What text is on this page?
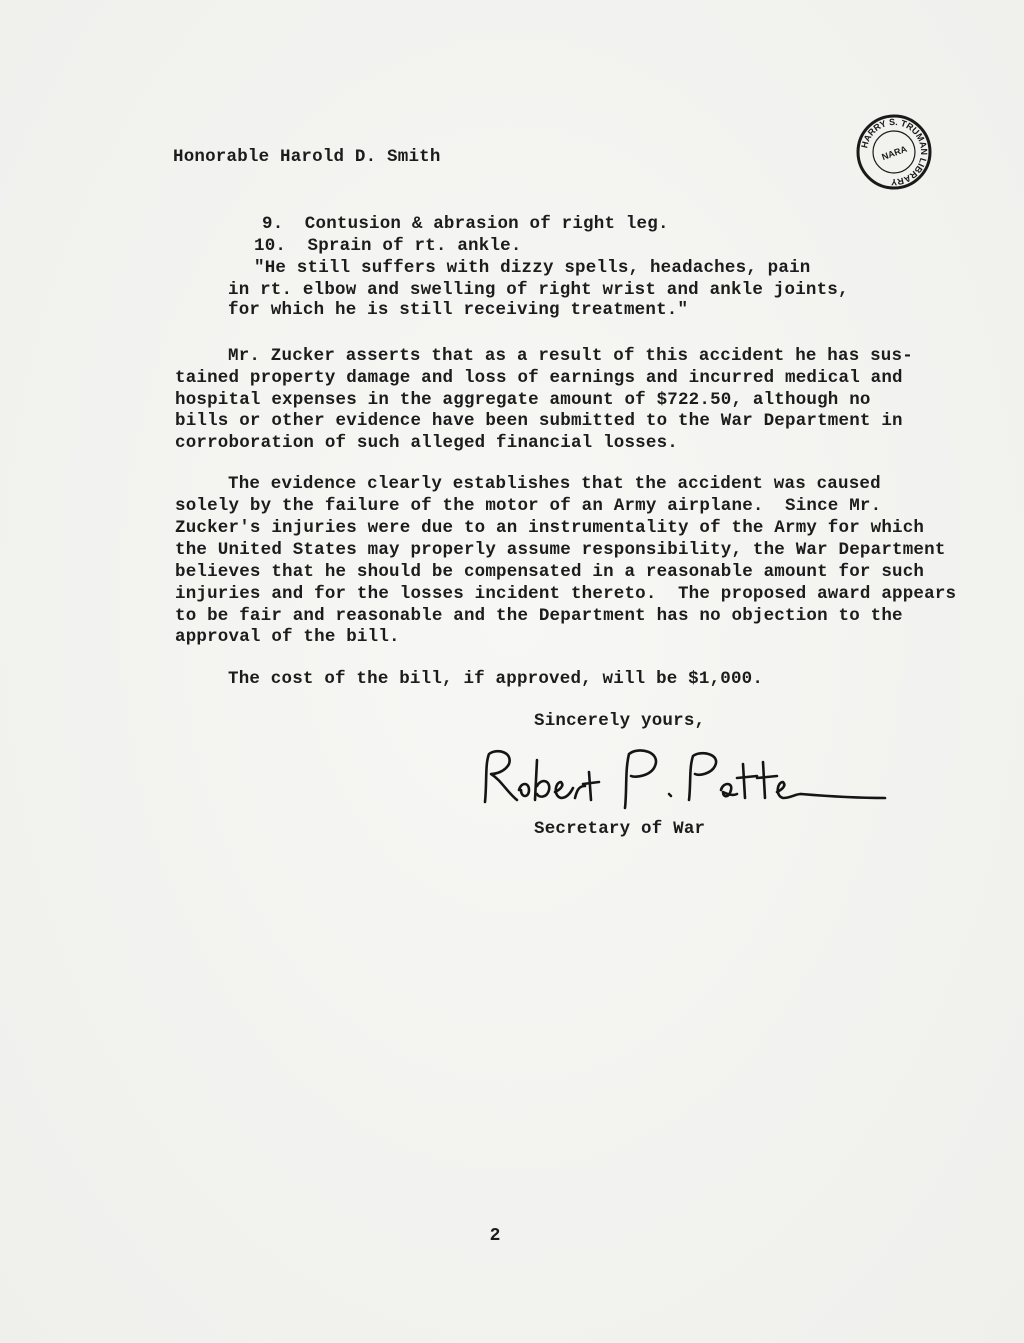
HARRY S. TRUMAN LIBRARY
NARA
Honorable Harold D. Smith
9.  Contusion & abrasion of right leg.
10.  Sprain of rt. ankle.
"He still suffers with dizzy spells, headaches, pain
in rt. elbow and swelling of right wrist and ankle joints,
for which he is still receiving treatment."
Mr. Zucker asserts that as a result of this accident he has sus-
tained property damage and loss of earnings and incurred medical and
hospital expenses in the aggregate amount of $722.50, although no
bills or other evidence have been submitted to the War Department in
corroboration of such alleged financial losses.
The evidence clearly establishes that the accident was caused
solely by the failure of the motor of an Army airplane.  Since Mr.
Zucker's injuries were due to an instrumentality of the Army for which
the United States may properly assume responsibility, the War Department
believes that he should be compensated in a reasonable amount for such
injuries and for the losses incident thereto.  The proposed award appears
to be fair and reasonable and the Department has no objection to the
approval of the bill.
The cost of the bill, if approved, will be $1,000.
Sincerely yours,
Secretary of War
2
